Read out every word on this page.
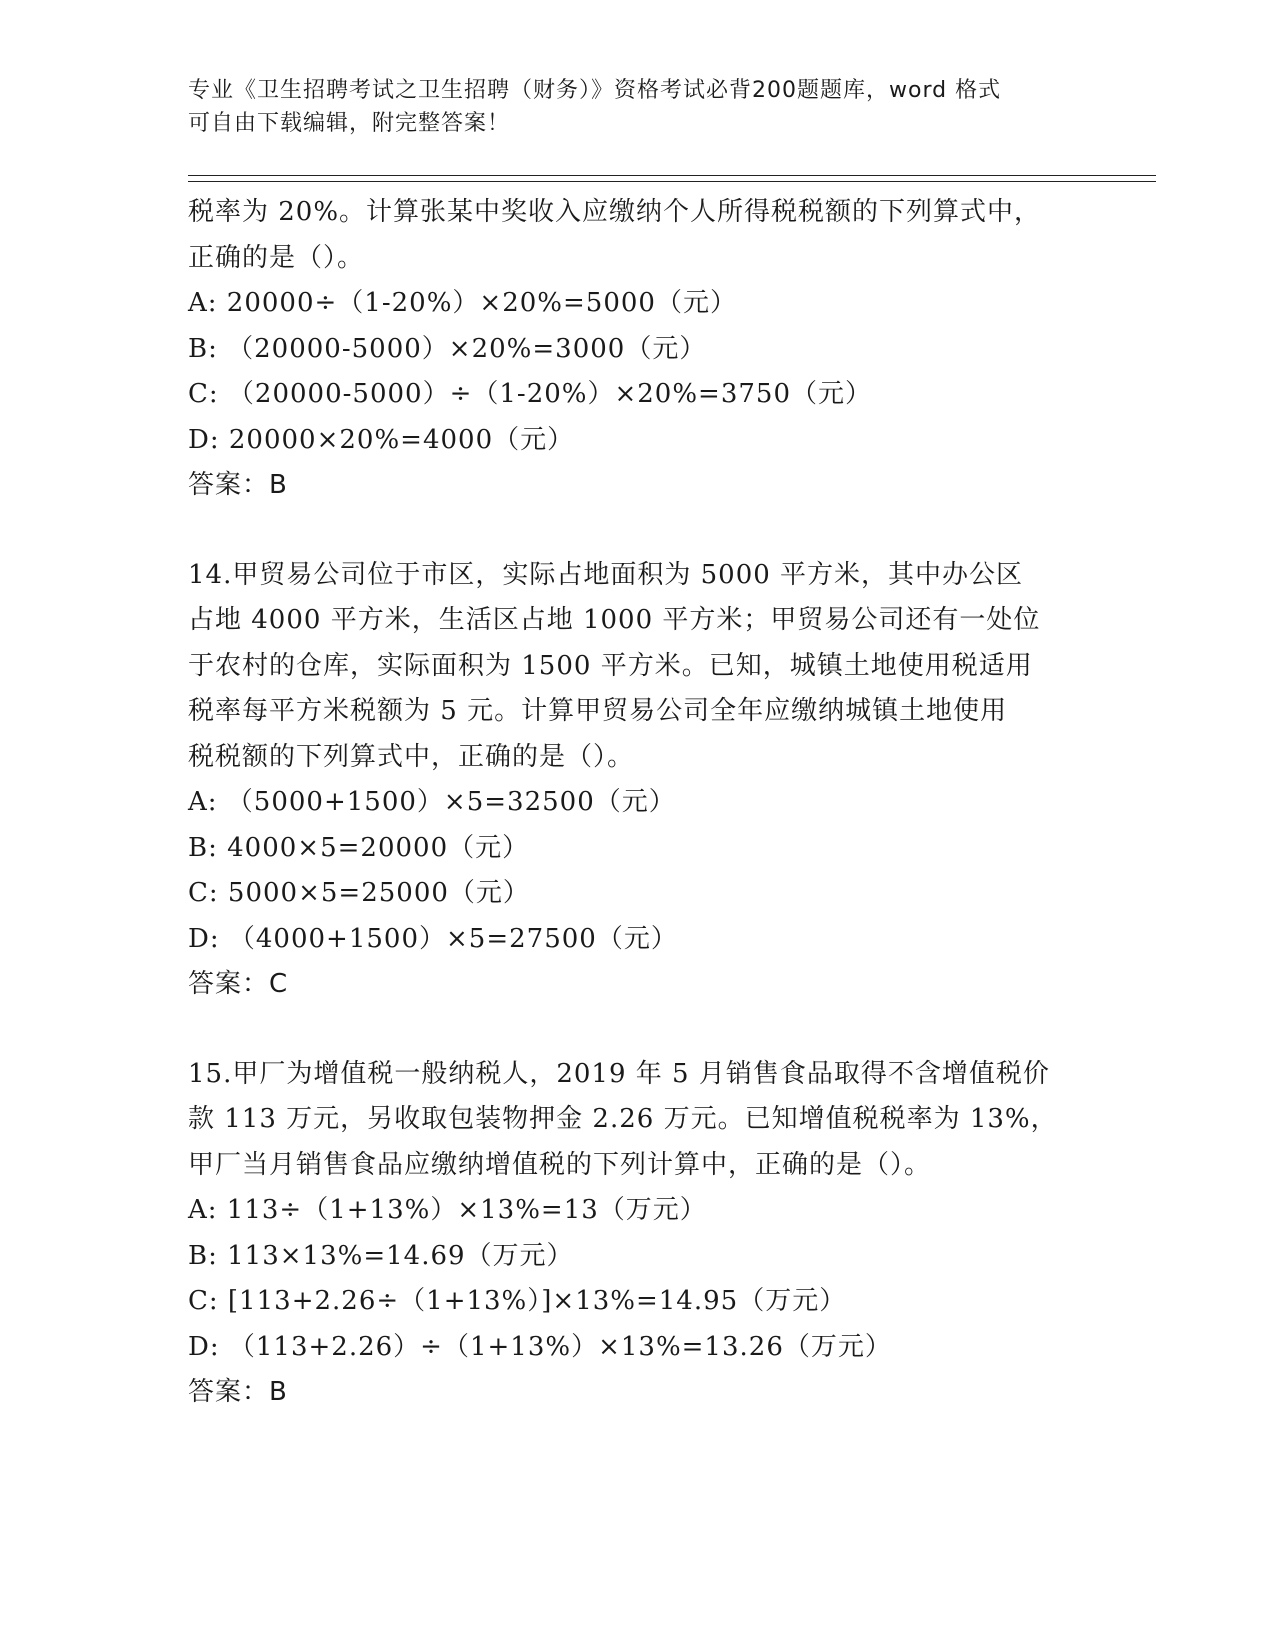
专业《卫生招聘考试之卫生招聘（财务）》资格考试必背200题题库，word 格式
可自由下载编辑，附完整答案！
税率为 20%。计算张某中奖收入应缴纳个人所得税税额的下列算式中，
正确的是（）。
A: 20000÷（1-20%）×20%=5000（元）
B: （20000-5000）×20%=3000（元）
C: （20000-5000）÷（1-20%）×20%=3750（元）
D: 20000×20%=4000（元）
答案：B
14.甲贸易公司位于市区，实际占地面积为 5000 平方米，其中办公区
占地 4000 平方米，生活区占地 1000 平方米；甲贸易公司还有一处位
于农村的仓库，实际面积为 1500 平方米。已知，城镇土地使用税适用
税率每平方米税额为 5 元。计算甲贸易公司全年应缴纳城镇土地使用
税税额的下列算式中，正确的是（）。
A: （5000+1500）×5=32500（元）
B: 4000×5=20000（元）
C: 5000×5=25000（元）
D: （4000+1500）×5=27500（元）
答案：C
15.甲厂为增值税一般纳税人，2019 年 5 月销售食品取得不含增值税价
款 113 万元，另收取包装物押金 2.26 万元。已知增值税税率为 13%，
甲厂当月销售食品应缴纳增值税的下列计算中，正确的是（）。
A: 113÷（1+13%）×13%=13（万元）
B: 113×13%=14.69（万元）
C: [113+2.26÷（1+13%）]×13%=14.95（万元）
D: （113+2.26）÷（1+13%）×13%=13.26（万元）
答案：B
